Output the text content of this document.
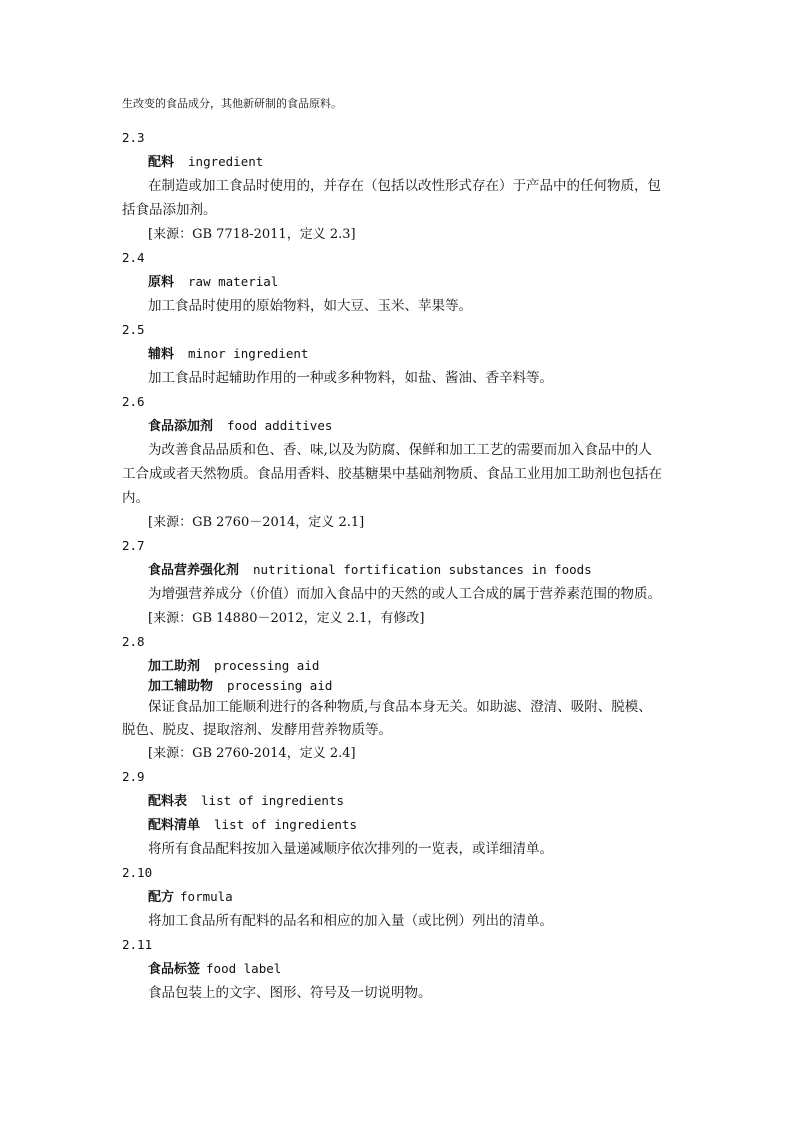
生改变的食品成分，其他新研制的食品原料。
2.3
配料 ingredient
在制造或加工食品时使用的，并存在（包括以改性形式存在）于产品中的任何物质，包
括食品添加剂。
[来源：GB 7718-2011，定义 2.3]
2.4
原料 raw material
加工食品时使用的原始物料，如大豆、玉米、苹果等。
2.5
辅料 minor ingredient
加工食品时起辅助作用的一种或多种物料，如盐、酱油、香辛料等。
2.6
食品添加剂 food additives
为改善食品品质和色、香、味,以及为防腐、保鲜和加工工艺的需要而加入食品中的人
工合成或者天然物质。食品用香料、胶基糖果中基础剂物质、食品工业用加工助剂也包括在
内。
[来源：GB 2760－2014，定义 2.1]
2.7
食品营养强化剂 nutritional fortification substances in foods
为增强营养成分（价值）而加入食品中的天然的或人工合成的属于营养素范围的物质。
[来源：GB 14880－2012，定义 2.1，有修改]
2.8
加工助剂 processing aid
加工辅助物 processing aid
保证食品加工能顺利进行的各种物质,与食品本身无关。如助滤、澄清、吸附、脱模、
脱色、脱皮、提取溶剂、发酵用营养物质等。
[来源：GB 2760-2014，定义 2.4]
2.9
配料表 list of ingredients
配料清单 list of ingredients
将所有食品配料按加入量递减顺序依次排列的一览表，或详细清单。
2.10
配方 formula
将加工食品所有配料的品名和相应的加入量（或比例）列出的清单。
2.11
食品标签 food label
食品包装上的文字、图形、符号及一切说明物。
